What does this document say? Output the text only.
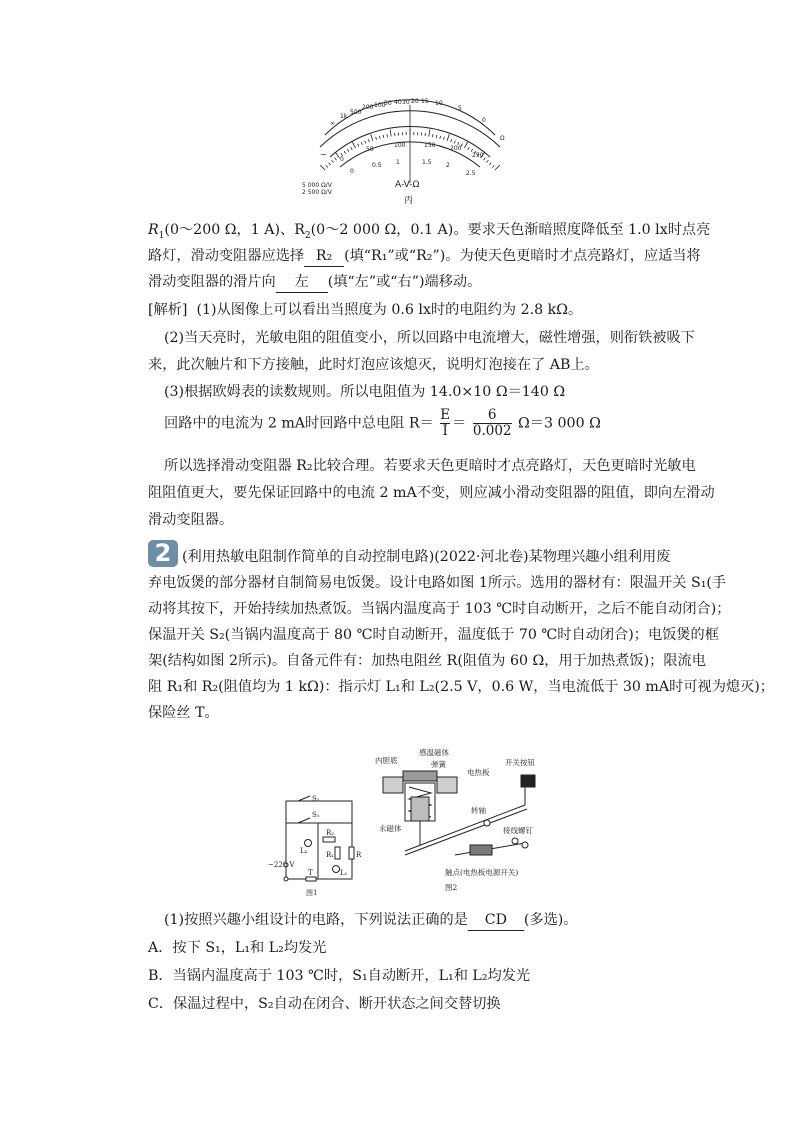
∞
1k
500
200 100
50 40 30 20 15 10
5
0
Ω
0
50
100	150 200
250
0
0.5 1	1.5 2
2.5
~
5 000 Ω/V
2 500 Ω/V
A-V-Ω
丙
$R_1(0\sim 200$ Ω，1 A)、$R_2(0\sim 2$ 000 Ω，0.1 A)。要求天色渐暗照度降低至 1.0 lx时点亮
路灯，滑动变阻器应选择 R₂ (填“R₁”或“R₂”)。为使天色更暗时才点亮路灯，应适当将
滑动变阻器的滑片向 左 (填“左”或“右”)端移动。
[解析] (1)从图像上可以看出当照度为 0.6 lx时的电阻约为 2.8 kΩ。
(2)当天亮时，光敏电阻的阻值变小，所以回路中电流增大，磁性增强，则衔铁被吸下
来，此次触片和下方接触，此时灯泡应该熄灭，说明灯泡接在了 AB上。
(3)根据欧姆表的读数规则。所以电阻值为 14.0×10 Ω＝140 Ω
回路中的电流为 2 mA时回路中总电阻 $R= \frac{E}{I} = \frac{6}{0.002} \Omega=3$ 000 Ω
所以选择滑动变阻器 R₂比较合理。若要求天色更暗时才点亮路灯，天色更暗时光敏电
阻阻值更大，要先保证回路中的电流 2 mA不变，则应减小滑动变阻器的阻值，即向左滑动
滑动变阻器。
2 (利用热敏电阻制作简单的自动控制电路)(2022·河北卷)某物理兴趣小组利用废
弃电饭煲的部分器材自制简易电饭煲。设计电路如图 1所示。选用的器材有：限温开关 S₁(手
动将其按下，开始持续加热煮饭。当锅内温度高于 103 ℃时自动断开，之后不能自动闭合)；
保温开关 S₂(当锅内温度高于 80 ℃时自动断开，温度低于 70 ℃时自动闭合)；电饭煲的框
架(结构如图 2所示)。自备元件有：加热电阻丝 R(阻值为 60 Ω，用于加热煮饭)；限流电
阻 R₁和 R₂(阻值均为 1 kΩ)：指示灯 L₁和 L₂(2.5 V，0.6 W，当电流低于 30 mA时可视为熄灭)；
保险丝 T。
S₂
S₁
R₂
L₂	R₁	R
T	L₁
~220 V
图1
内胆底
感温磁体
弹簧
电热板
开关按钮
转轴
永磁体	接线螺钉
触点(电热板电源开关)
图2
(1)按照兴趣小组设计的电路，下列说法正确的是 CD (多选)。
A．按下 S₁，L₁和 L₂均发光
B．当锅内温度高于 103 ℃时，S₁自动断开，L₁和 L₂均发光
C．保温过程中，S₂自动在闭合、断开状态之间交替切换
